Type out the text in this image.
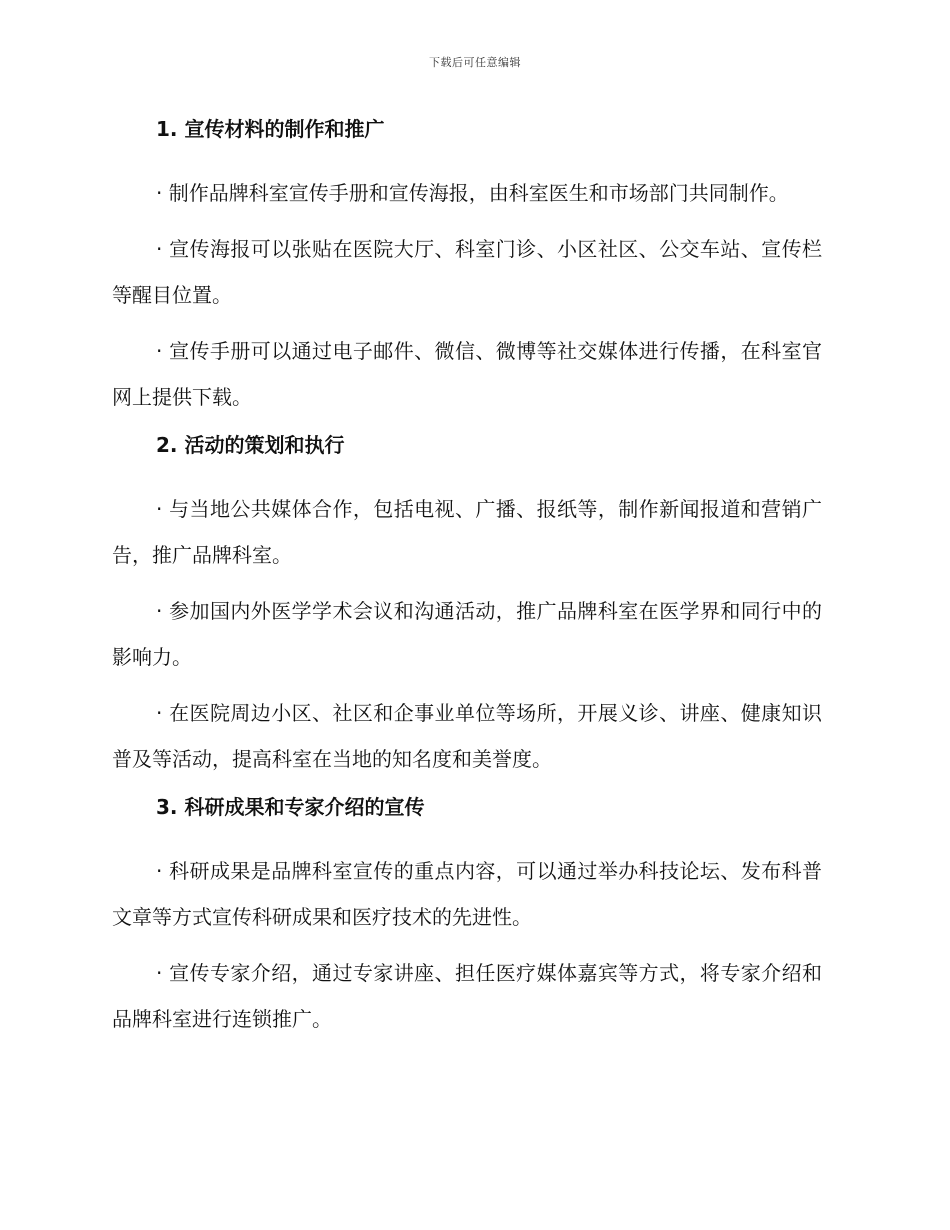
下载后可任意编辑
1. 宣传材料的制作和推广

· 制作品牌科室宣传手册和宣传海报，由科室医生和市场部门共同制作。

· 宣传海报可以张贴在医院大厅、科室门诊、小区社区、公交车站、宣传栏等醒目位置。

· 宣传手册可以通过电子邮件、微信、微博等社交媒体进行传播，在科室官网上提供下载。

2. 活动的策划和执行

· 与当地公共媒体合作，包括电视、广播、报纸等，制作新闻报道和营销广告，推广品牌科室。

· 参加国内外医学学术会议和沟通活动，推广品牌科室在医学界和同行中的影响力。

· 在医院周边小区、社区和企事业单位等场所，开展义诊、讲座、健康知识普及等活动，提高科室在当地的知名度和美誉度。

3. 科研成果和专家介绍的宣传

· 科研成果是品牌科室宣传的重点内容，可以通过举办科技论坛、发布科普文章等方式宣传科研成果和医疗技术的先进性。

· 宣传专家介绍，通过专家讲座、担任医疗媒体嘉宾等方式，将专家介绍和品牌科室进行连锁推广。
